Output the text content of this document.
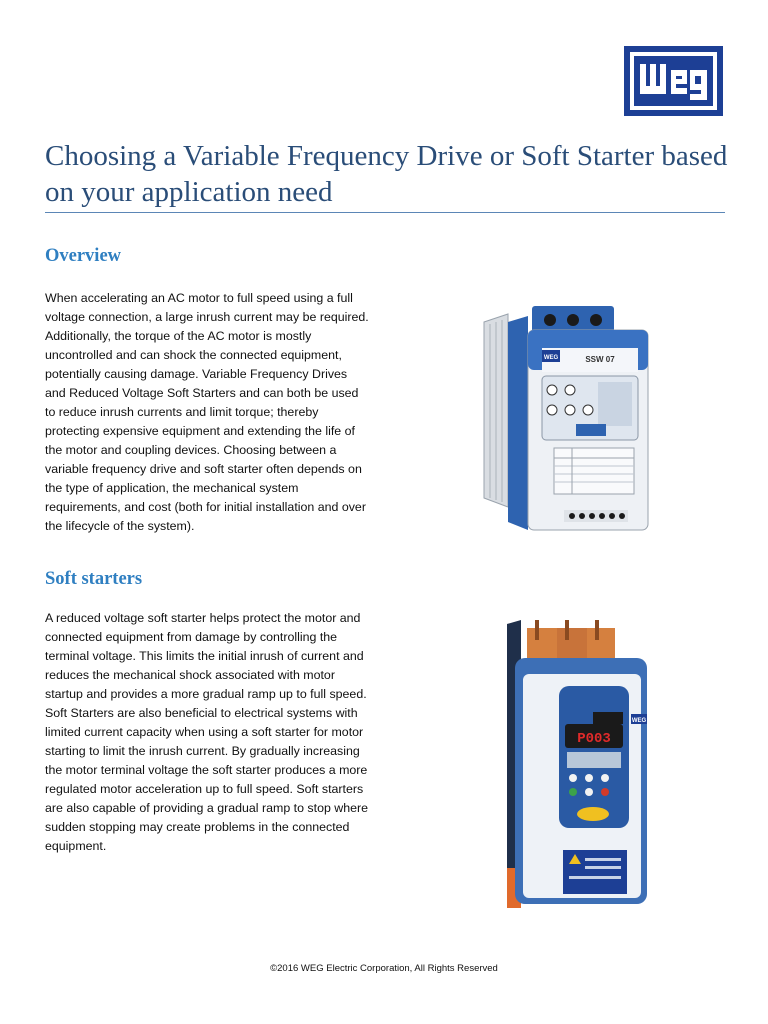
Choosing a Variable Frequency Drive or Soft Starter based on your application need
Overview

When accelerating an AC motor to full speed using a full voltage connection, a large inrush current may be required. Additionally, the torque of the AC motor is mostly uncontrolled and can shock the connected equipment, potentially causing damage. Variable Frequency Drives and Reduced Voltage Soft Starters and can both be used to reduce inrush currents and limit torque; thereby protecting expensive equipment and extending the life of the motor and coupling devices. Choosing between a variable frequency drive and soft starter often depends on the type of application, the mechanical system requirements, and cost (both for initial installation and over the lifecycle of the system).

Soft starters

A reduced voltage soft starter helps protect the motor and connected equipment from damage by controlling the terminal voltage. This limits the initial inrush of current and reduces the mechanical shock associated with motor startup and provides a more gradual ramp up to full speed. Soft Starters are also beneficial to electrical systems with limited current capacity when using a soft starter for motor starting to limit the inrush current. By gradually increasing the motor terminal voltage the soft starter produces a more regulated motor acceleration up to full speed. Soft starters are also capable of providing a gradual ramp to stop where sudden stopping may create problems in the connected equipment.

WEG	SSW 07
WEG
P003
©2016 WEG Electric Corporation, All Rights Reserved
